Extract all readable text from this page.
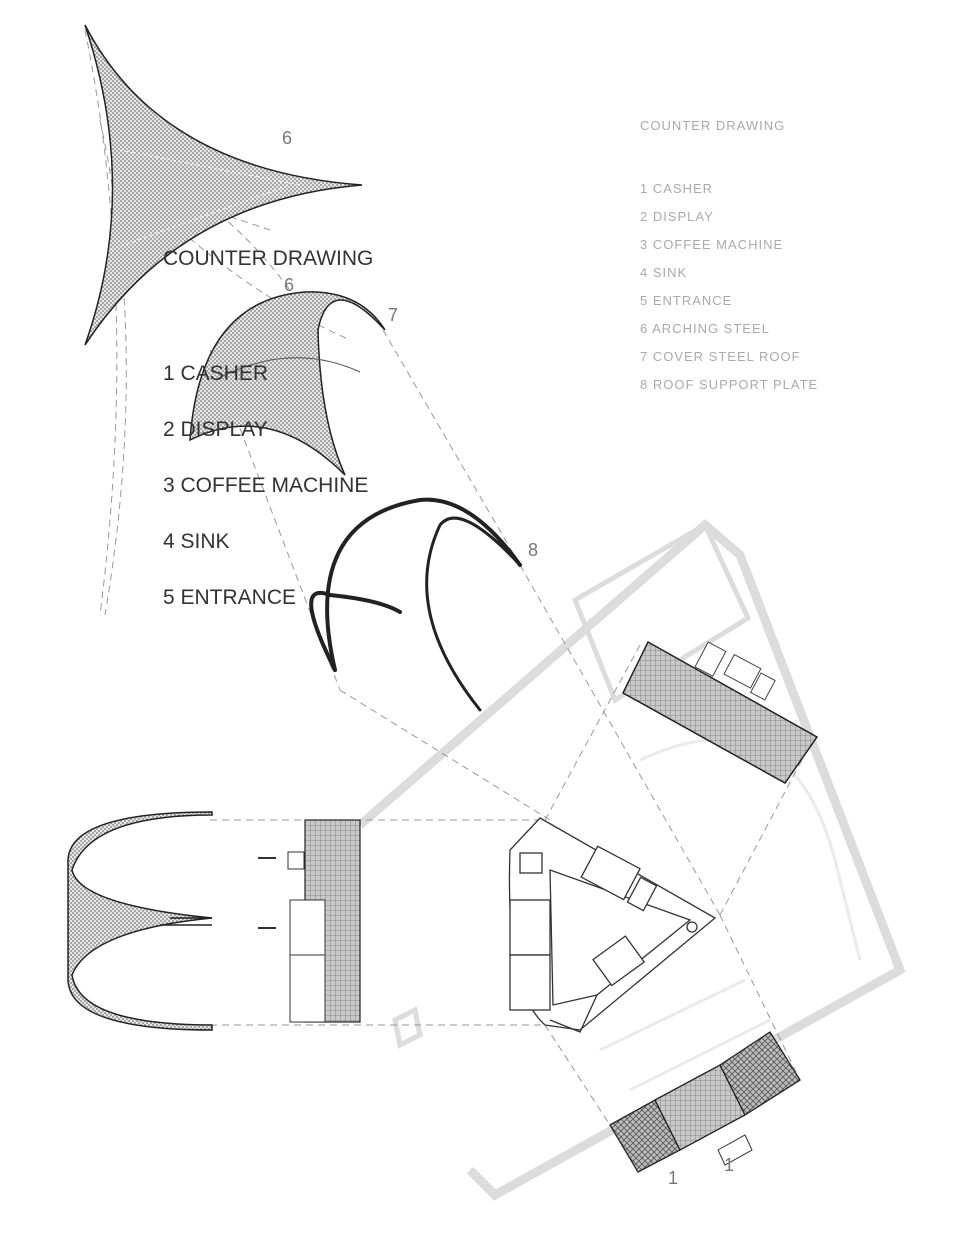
COUNTER DRAWING
1 CASHER
2 DISPLAY
3 COFFEE MACHINE
4 SINK
5 ENTRANCE
COUNTER DRAWING
1 CASHER
2 DISPLAY
3 COFFEE MACHINE
4 SINK
5 ENTRANCE
6 ARCHING STEEL
7 COVER STEEL ROOF
8 ROOF SUPPORT PLATE
6
6
7
8
1
1
